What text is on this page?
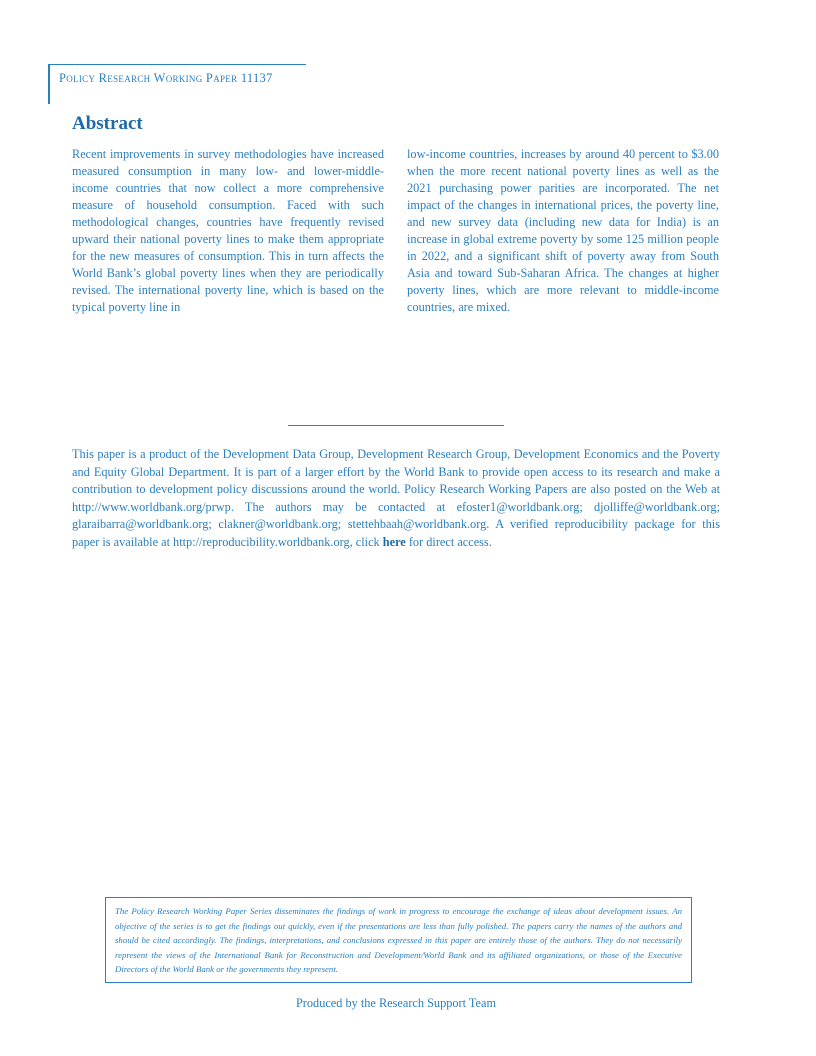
Policy Research Working Paper 11137
Abstract

Recent improvements in survey methodologies have increased measured consumption in many low- and lower-middle-income countries that now collect a more comprehensive measure of household consumption. Faced with such methodological changes, countries have frequently revised upward their national poverty lines to make them appropriate for the new measures of consumption. This in turn affects the World Bank’s global poverty lines when they are periodically revised. The international poverty line, which is based on the typical poverty line in

low-income countries, increases by around 40 percent to $3.00 when the more recent national poverty lines as well as the 2021 purchasing power parities are incorporated. The net impact of the changes in international prices, the poverty line, and new survey data (including new data for India) is an increase in global extreme poverty by some 125 million people in 2022, and a significant shift of poverty away from South Asia and toward Sub-Saharan Africa. The changes at higher poverty lines, which are more relevant to middle-income countries, are mixed.

This paper is a product of the Development Data Group, Development Research Group, Development Economics and the Poverty and Equity Global Department. It is part of a larger effort by the World Bank to provide open access to its research and make a contribution to development policy discussions around the world. Policy Research Working Papers are also posted on the Web at http://www.worldbank.org/prwp. The authors may be contacted at efoster1@worldbank.org; djolliffe@worldbank.org; glaraibarra@worldbank.org; clakner@worldbank.org; stettehbaah@worldbank.org. A verified reproducibility package for this paper is available at http://reproducibility.worldbank.org, click here for direct access.

The Policy Research Working Paper Series disseminates the findings of work in progress to encourage the exchange of ideas about development issues. An objective of the series is to get the findings out quickly, even if the presentations are less than fully polished. The papers carry the names of the authors and should be cited accordingly. The findings, interpretations, and conclusions expressed in this paper are entirely those of the authors. They do not necessarily represent the views of the International Bank for Reconstruction and Development/World Bank and its affiliated organizations, or those of the Executive Directors of the World Bank or the governments they represent.

Produced by the Research Support Team
